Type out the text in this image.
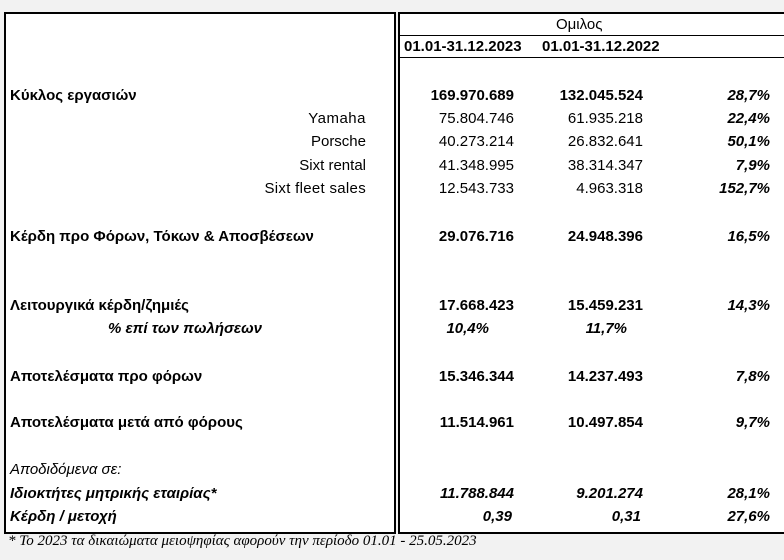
Ομιλος
01.01-31.12.2023 01.01-31.12.2022
Κύκλος εργασιών	169.970.689	132.045.524	28,7%
Yamaha	75.804.746	61.935.218	22,4%
Porsche	40.273.214	26.832.641	50,1%
Sixt rental	41.348.995	38.314.347	7,9%
Sixt fleet sales	12.543.733	4.963.318	152,7%
Κέρδη προ Φόρων, Τόκων & Αποσβέσεων	29.076.716	24.948.396	16,5%
Λειτουργικά κέρδη/ζημιές	17.668.423	15.459.231	14,3%
% επί των πωλήσεων	10,4%	11,7%
Αποτελέσματα προ φόρων	15.346.344	14.237.493	7,8%
Αποτελέσματα μετά από φόρους	11.514.961	10.497.854	9,7%
Αποδιδόμενα σε:
Ιδιοκτήτες μητρικής εταιρίας*	11.788.844	9.201.274	28,1%
Κέρδη / μετοχή	0,39	0,31	27,6%
* Το 2023 τα δικαιώματα μειοψηφίας αφορούν την περίοδο 01.01 - 25.05.2023
